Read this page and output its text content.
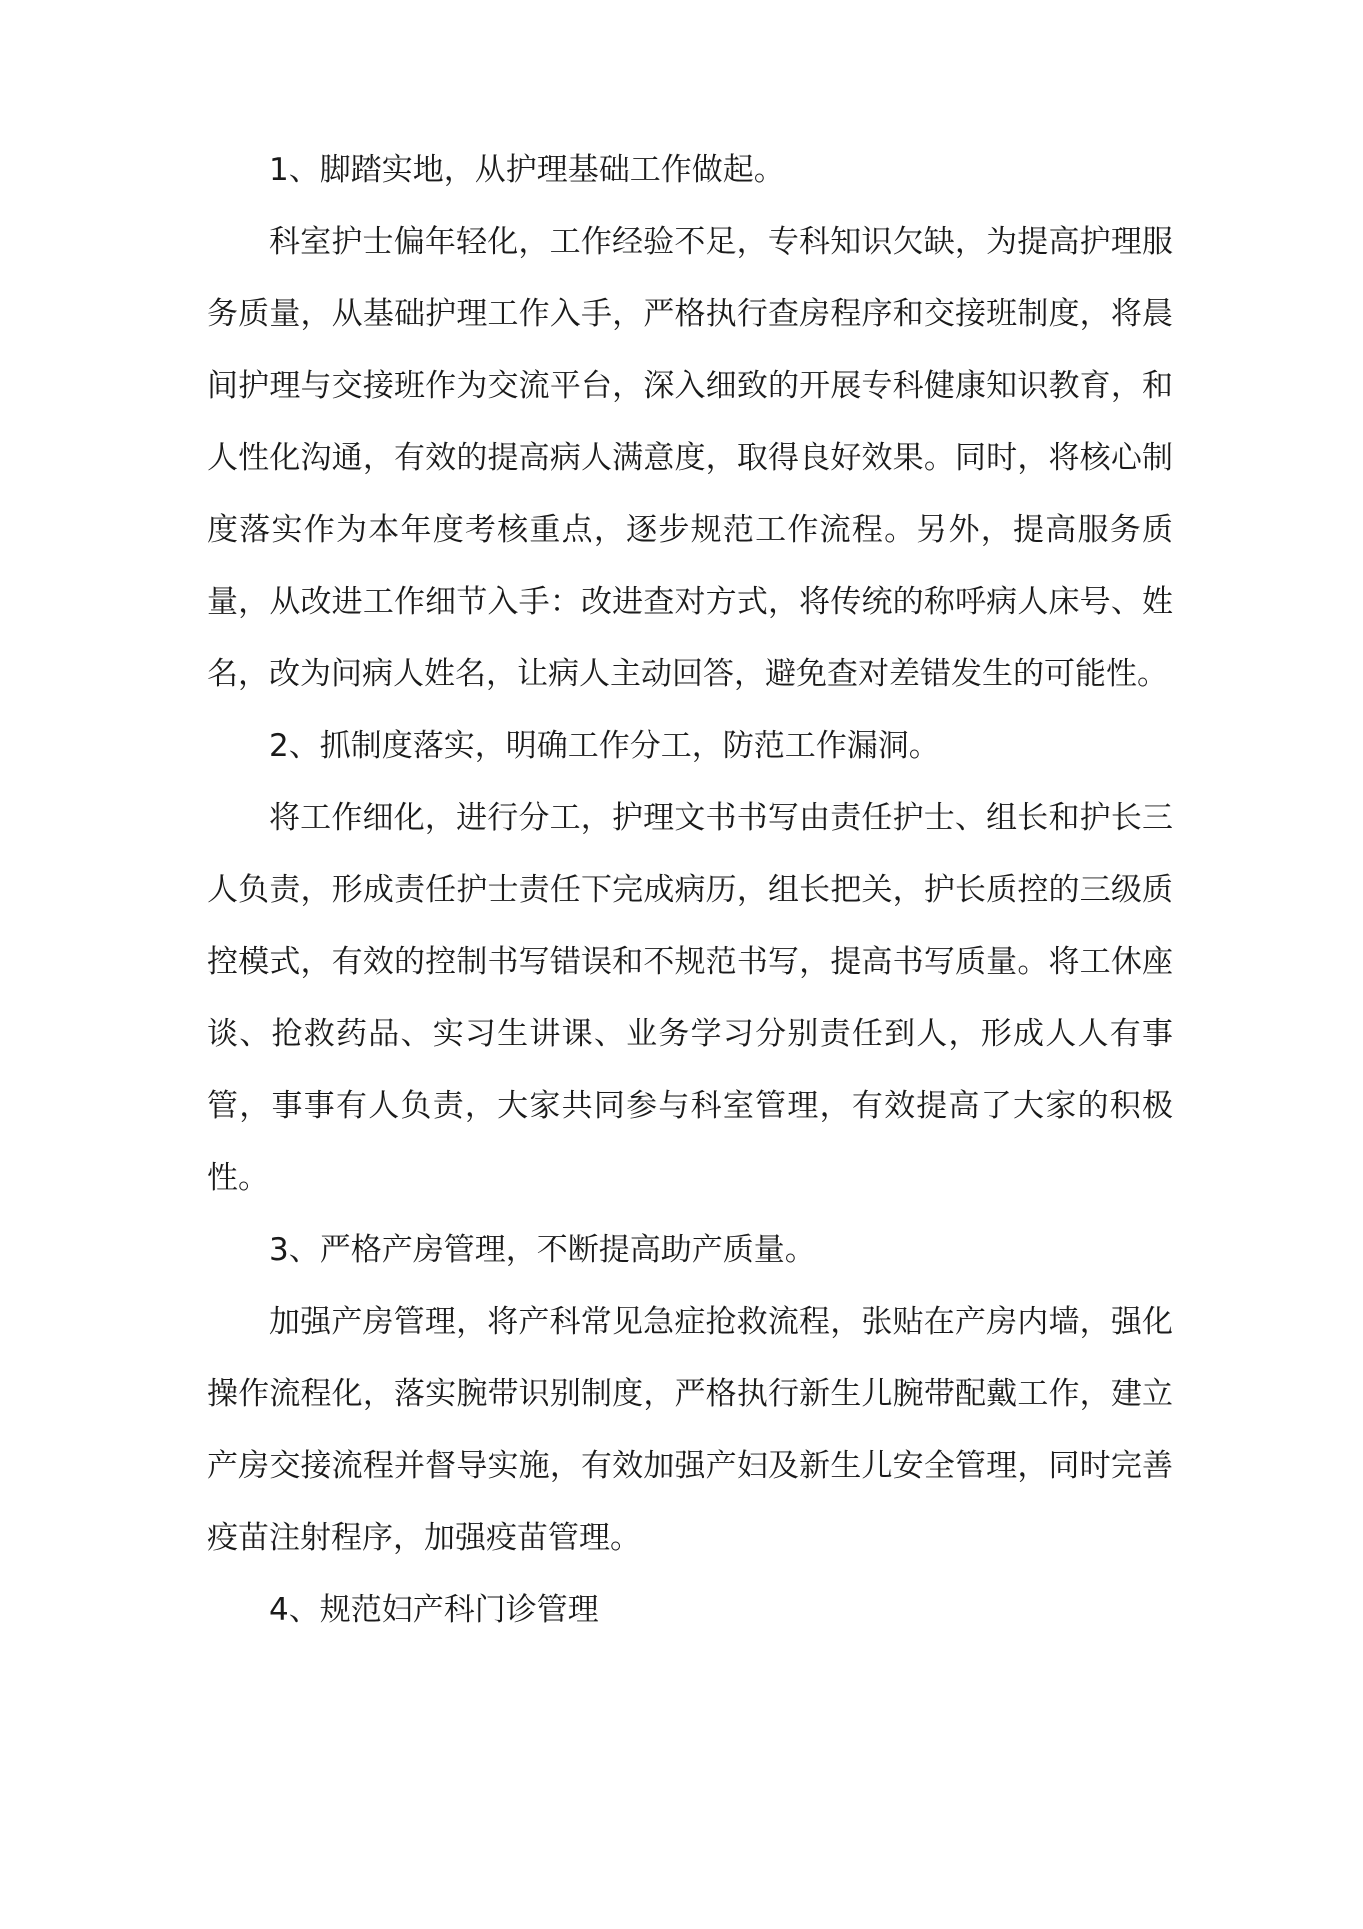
1、脚踏实地，从护理基础工作做起。

科室护士偏年轻化，工作经验不足，专科知识欠缺，为提高护理服务质量，从基础护理工作入手，严格执行查房程序和交接班制度，将晨间护理与交接班作为交流平台，深入细致的开展专科健康知识教育，和人性化沟通，有效的提高病人满意度，取得良好效果。同时，将核心制度落实作为本年度考核重点，逐步规范工作流程。另外，提高服务质量，从改进工作细节入手：改进查对方式，将传统的称呼病人床号、姓名，改为问病人姓名，让病人主动回答，避免查对差错发生的可能性。

2、抓制度落实，明确工作分工，防范工作漏洞。

将工作细化，进行分工，护理文书书写由责任护士、组长和护长三人负责，形成责任护士责任下完成病历，组长把关，护长质控的三级质控模式，有效的控制书写错误和不规范书写，提高书写质量。将工休座谈、抢救药品、实习生讲课、业务学习分别责任到人，形成人人有事管，事事有人负责，大家共同参与科室管理，有效提高了大家的积极性。

3、严格产房管理，不断提高助产质量。

加强产房管理，将产科常见急症抢救流程，张贴在产房内墙，强化操作流程化，落实腕带识别制度，严格执行新生儿腕带配戴工作，建立产房交接流程并督导实施，有效加强产妇及新生儿安全管理，同时完善疫苗注射程序，加强疫苗管理。

4、规范妇产科门诊管理
